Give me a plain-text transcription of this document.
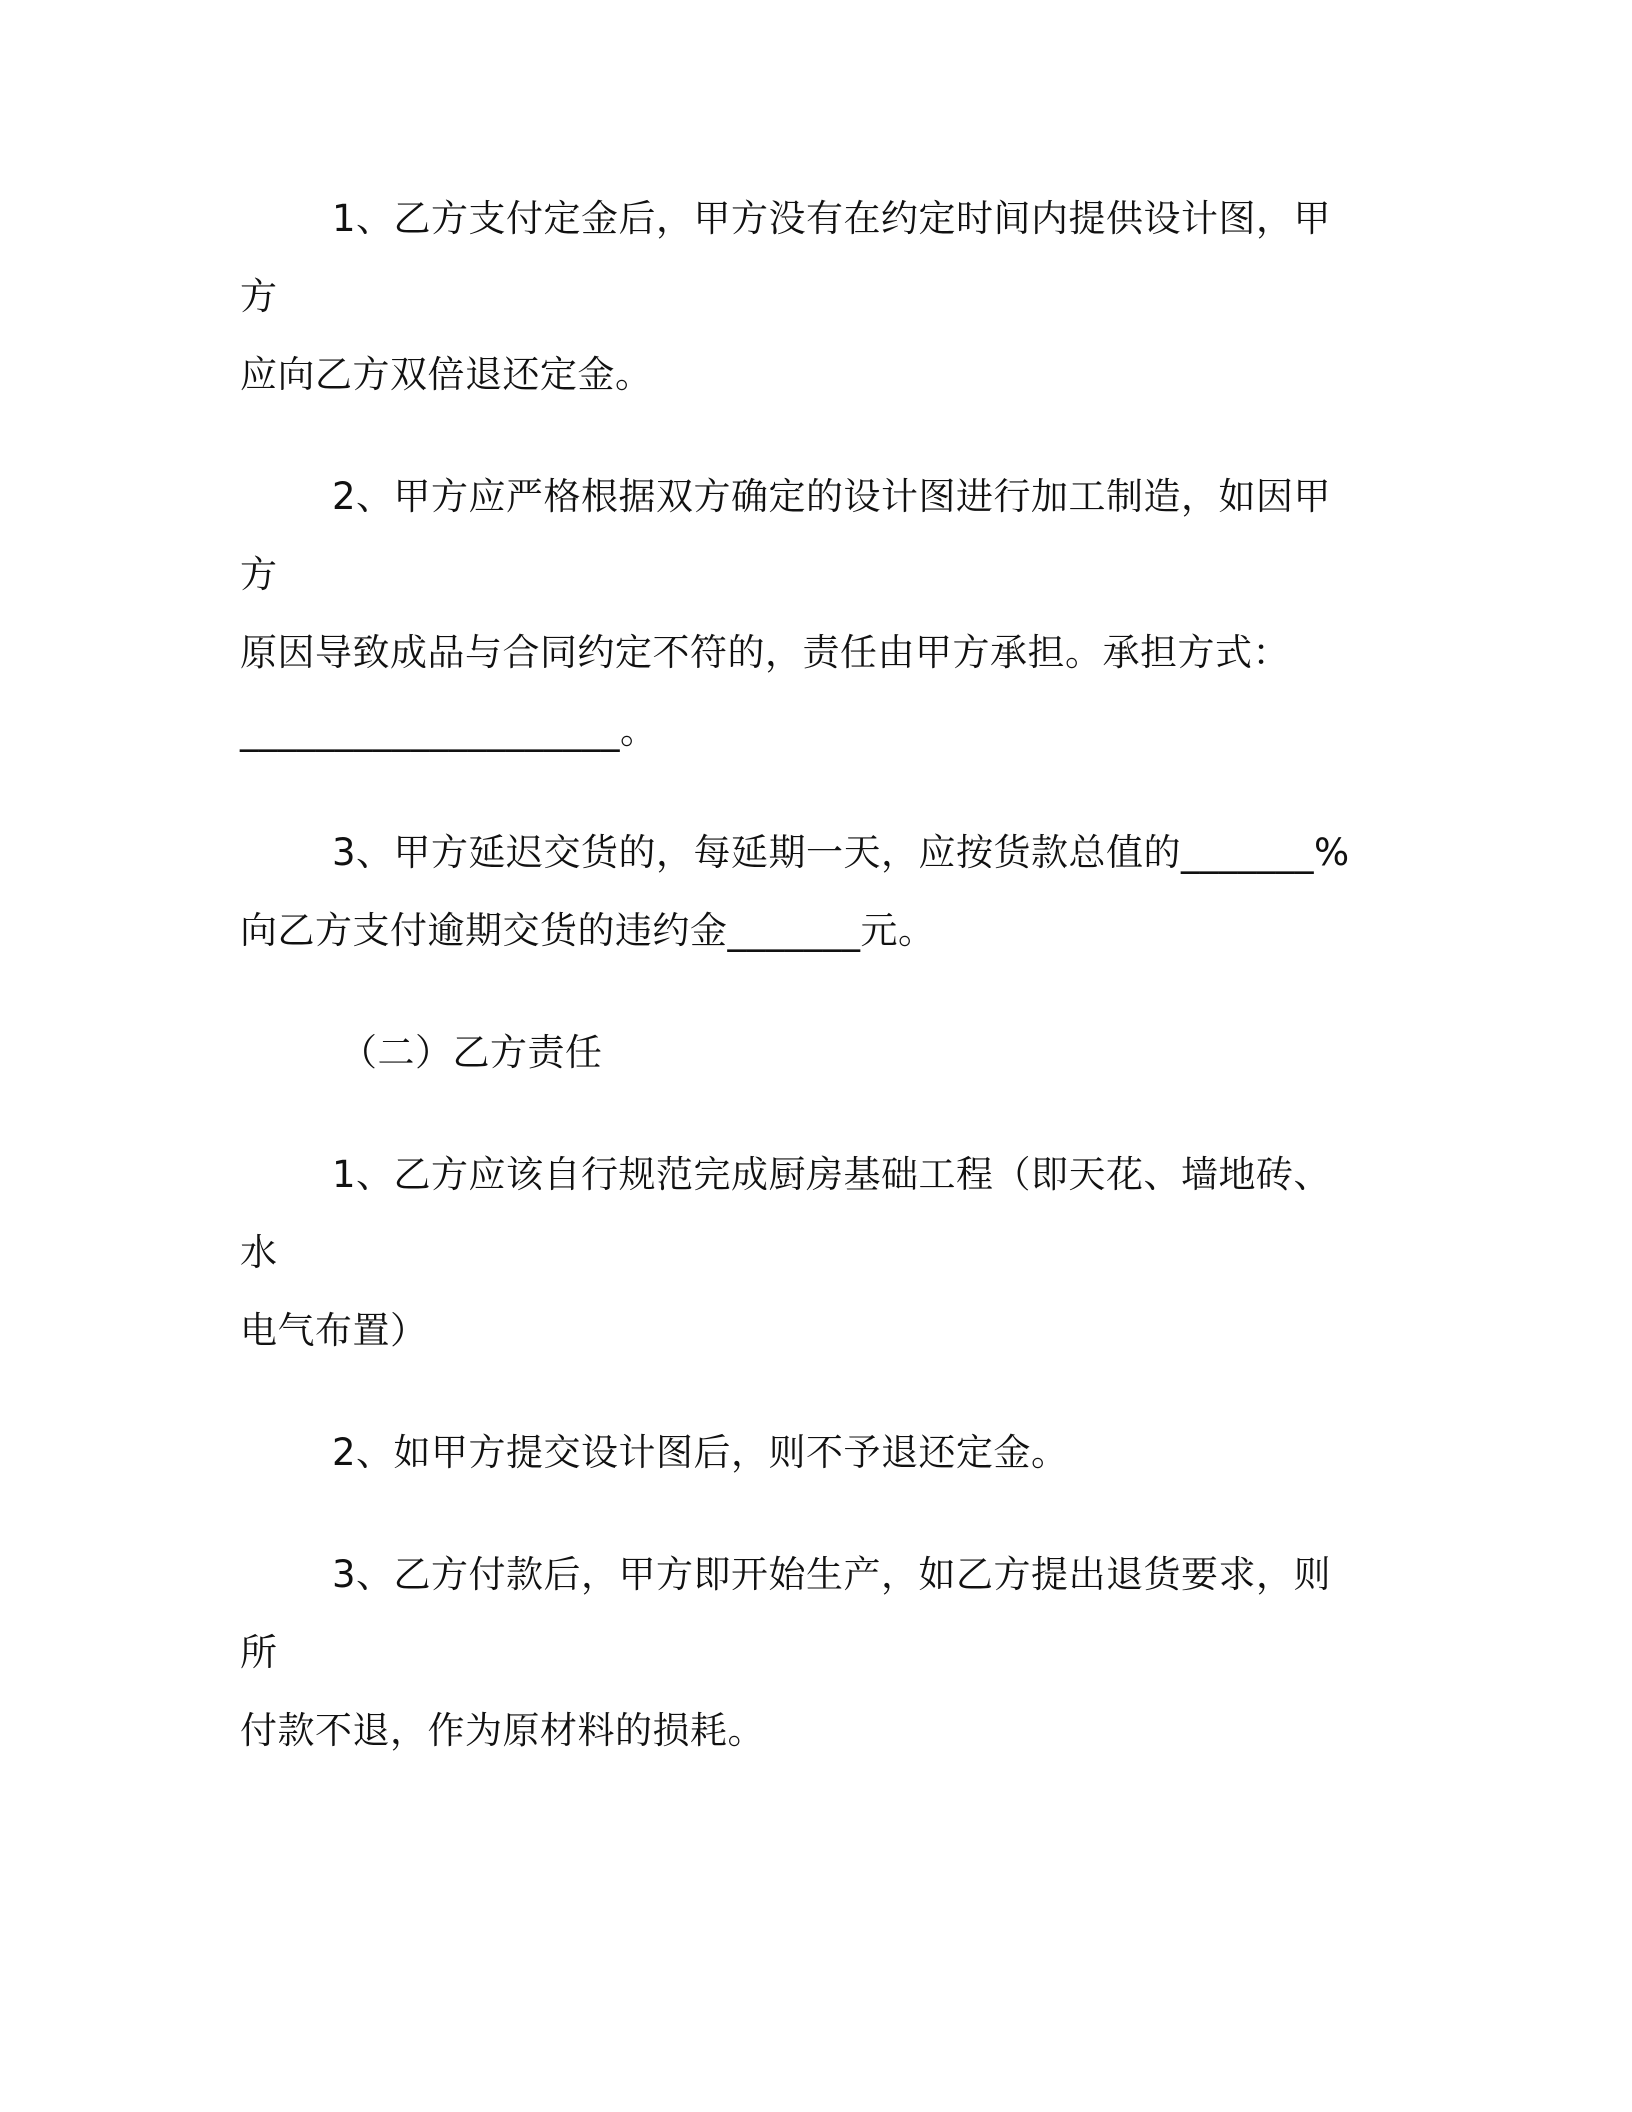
1、乙方支付定金后，甲方没有在约定时间内提供设计图，甲方
应向乙方双倍退还定金。

2、甲方应严格根据双方确定的设计图进行加工制造，如因甲方
原因导致成品与合同约定不符的，责任由甲方承担。承担方式：
____________________。

3、甲方延迟交货的，每延期一天，应按货款总值的_______%
向乙方支付逾期交货的违约金_______元。

（二）乙方责任

1、乙方应该自行规范完成厨房基础工程（即天花、墙地砖、水
电气布置）

2、如甲方提交设计图后，则不予退还定金。

3、乙方付款后，甲方即开始生产，如乙方提出退货要求，则所
付款不退，作为原材料的损耗。
